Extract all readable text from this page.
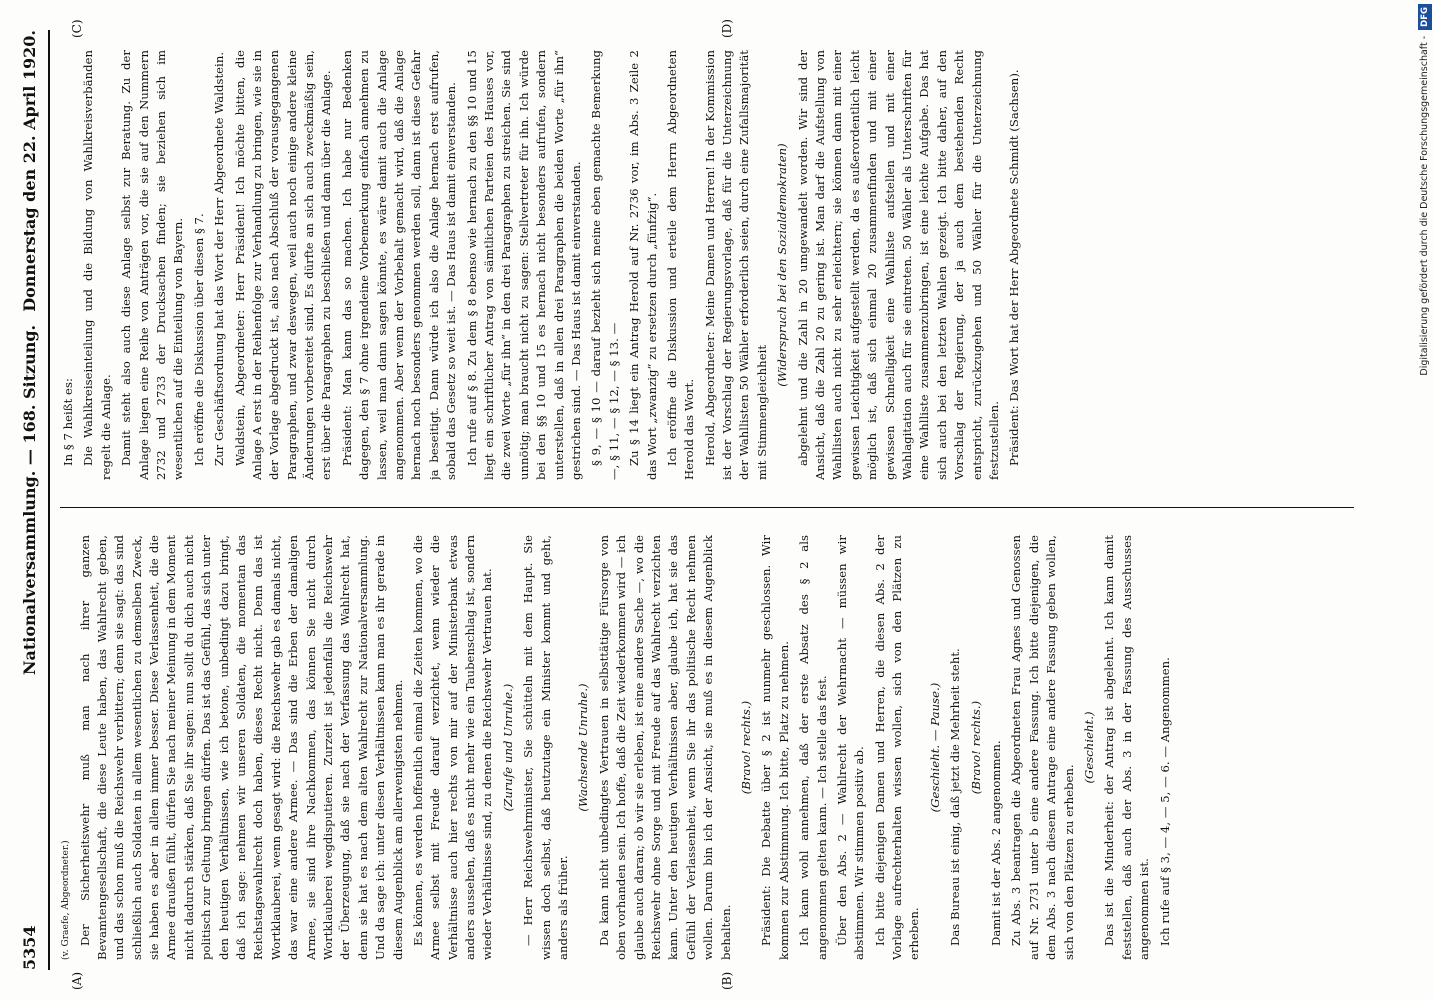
5354
Nationalversammlung. — 168. Sitzung.
Donnerstag den 22. April 1920.
(A)	(B)
(C)	(D)

(v. Graefe, Abgeordneter.) Der Sicherheitswehr muß man nach ihrer ganzen Bevamtengesellschaft, die diese Leute haben, das Wahlrecht geben, und das schon muß die Reichswehr verbittern; denn sie sagt: das sind schließlich auch Soldaten in allem wesentlichen zu demselben Zweck, sie haben es aber in allem immer besser. Diese Verlassenheit, die die Armee draußen fühlt, dürfen Sie nach meiner Meinung in dem Moment nicht dadurch stärken, daß Sie ihr sagen: nun sollt du dich auch nicht politisch zur Geltung bringen dürfen. Das ist das Gefühl, das sich unter den heutigen Verhältnissen, wie ich betone, unbedingt dazu bringt, daß ich sage: nehmen wir unseren Soldaten, die momentan das Reichstagswahlrecht doch haben, dieses Recht nicht. Denn das ist Wortklauberei, wenn gesagt wird: die Reichswehr gab es damals nicht, das war eine andere Armee. — Das sind die Erben der damaligen Armee, sie sind ihre Nachkommen, das können Sie nicht durch Wortklauberei wegdisputieren. Zurzeit ist jedenfalls die Reichswehr der Überzeugung, daß sie nach der Verfassung das Wahlrecht hat, denn sie hat es nach dem alten Wahlrecht zur Nationalversammlung. Und da sage ich: unter diesen Verhältnissen kann man es ihr gerade in diesem Augenblick am allerwenigsten nehmen. Es können, es werden hoffentlich einmal die Zeiten kommen, wo die Armee selbst mit Freude darauf verzichtet, wenn wieder die Verhältnisse auch hier rechts von mir auf der Ministerbank etwas anders aussehen, daß es nicht mehr wie ein Taubenschlag ist, sondern wieder Verhältnisse sind, zu denen die Reichswehr Vertrauen hat. (Zurufe und Unruhe.) — Herr Reichswehrminister, Sie schütteln mit dem Haupt. Sie wissen doch selbst, daß heutzutage ein Minister kommt und geht, anders als früher.

(Wachsende Unruhe.) Da kann nicht unbedingtes Vertrauen in selbsttätige Fürsorge von oben vorhanden sein. Ich hoffe, daß die Zeit wiederkommen wird — ich glaube auch daran; ob wir sie erleben, ist eine andere Sache —, wo die Reichswehr ohne Sorge und mit Freude auf das Wahlrecht verzichten kann. Unter den heutigen Verhältnissen aber, glaube ich, hat sie das Gefühl der Verlassenheit, wenn Sie ihr das politische Recht nehmen wollen. Darum bin ich der Ansicht, sie muß es in diesem Augenblick behalten.

(Bravo! rechts.) Präsident: Die Debatte über § 2 ist nunmehr geschlossen. Wir kommen zur Abstimmung. Ich bitte, Platz zu nehmen. Ich kann wohl annehmen, daß der erste Absatz des § 2 als angenommen gelten kann. — Ich stelle das fest. Über den Abs. 2 — Wahlrecht der Wehrmacht — müssen wir abstimmen. Wir stimmen positiv ab. Ich bitte diejenigen Damen und Herren, die diesen Abs. 2 der Vorlage aufrechterhalten wissen wollen, sich von den Plätzen zu erheben.

(Geschieht. — Pause.) Das Bureau ist einig, daß jetzt die Mehrheit steht. (Bravo! rechts.) Damit ist der Abs. 2 angenommen. Zu Abs. 3 beantragen die Abgeordneten Frau Agnes und Genossen auf Nr. 2731 unter b eine andere Fassung. Ich bitte diejenigen, die dem Abs. 3 nach diesem Antrage eine andere Fassung geben wollen, sich von den Plätzen zu erheben.

(Geschieht.) Das ist die Minderheit: der Antrag ist abgelehnt. Ich kann damit feststellen, daß auch der Abs. 3 in der Fassung des Ausschusses angenommen ist. Ich rufe auf § 3, — 4, — 5, — 6. — Angenommen.

In § 7 heißt es: Die Wahlkreiseinteilung und die Bildung von Wahlkreisverbänden regelt die Anlage. Damit steht also auch diese Anlage selbst zur Beratung. Zu der Anlage liegen eine Reihe von Anträgen vor, die sie auf den Nummern 2732 und 2733 der Drucksachen finden; sie beziehen sich im wesentlichen auf die Einteilung von Bayern. Ich eröffne die Diskussion über diesen § 7. Zur Geschäftsordnung hat das Wort der Herr Abgeordnete Waldstein. Waldstein, Abgeordneter: Herr Präsident! Ich möchte bitten, die Anlage A erst in der Reihenfolge zur Verhandlung zu bringen, wie sie in der Vorlage abgedruckt ist, also nach Abschluß der vorausgegangenen Paragraphen, und zwar deswegen, weil auch noch einige andere kleine Änderungen vorbereitet sind. Es dürfte an sich auch zweckmäßig sein, erst über die Paragraphen zu beschließen und dann über die Anlage. Präsident: Man kann das so machen. Ich habe nur Bedenken dagegen, den § 7 ohne irgendeine Vorbemerkung einfach annehmen zu lassen, weil man dann sagen könnte, es wäre damit auch die Anlage angenommen. Aber wenn der Vorbehalt gemacht wird, daß die Anlage hernach noch besonders genommen werden soll, dann ist diese Gefahr ja beseitigt. Dann würde ich also die Anlage hernach erst aufrufen, sobald das Gesetz so weit ist. — Das Haus ist damit einverstanden. Ich rufe auf § 8. Zu dem § 8 ebenso wie hernach zu den §§ 10 und 15 liegt ein schriftlicher Antrag von sämtlichen Parteien des Hauses vor, die zwei Worte „für ihn“ in den drei Paragraphen zu streichen. Sie sind unnötig; man braucht nicht zu sagen: Stellvertreter für ihn. Ich würde bei den §§ 10 und 15 es hernach nicht besonders aufrufen, sondern unterstellen, daß in allen drei Paragraphen die beiden Worte „für ihn“ gestrichen sind. — Das Haus ist damit einverstanden. § 9, — § 10 — darauf bezieht sich meine eben gemachte Bemerkung —, § 11, — § 12, — § 13. — Zu § 14 liegt ein Antrag Herold auf Nr. 2736 vor, im Abs. 3 Zeile 2 das Wort „zwanzig“ zu ersetzen durch „fünfzig“. Ich eröffne die Diskussion und erteile dem Herrn Abgeordneten Herold das Wort. Herold, Abgeordneter: Meine Damen und Herren! In der Kommission ist der Vorschlag der Regierungsvorlage, daß für die Unterzeichnung der Wahllisten 50 Wähler erforderlich seien, durch eine Zufallsmajorität mit Stimmengleichheit

(Widerspruch bei den Sozialdemokraten) abgelehnt und die Zahl in 20 umgewandelt worden. Wir sind der Ansicht, daß die Zahl 20 zu gering ist. Man darf die Aufstellung von Wahllisten auch nicht zu sehr erleichtern; sie können dann mit einer gewissen Leichtigkeit aufgestellt werden, da es außerordentlich leicht möglich ist, daß sich einmal 20 zusammenfinden und mit einer gewissen Schnelligkeit eine Wahlliste aufstellen und mit einer Wahlagitation auch für sie eintreten. 50 Wähler als Unterschriften für eine Wahlliste zusammenzubringen, ist eine leichte Aufgabe. Das hat sich auch bei den letzten Wahlen gezeigt. Ich bitte daher, auf den Vorschlag der Regierung, der ja auch dem bestehenden Recht entspricht, zurückzugehen und 50 Wähler für die Unterzeichnung festzustellen. Präsident: Das Wort hat der Herr Abgeordnete Schmidt (Sachsen).	Digitalisierung gefördert durch die Deutsche Forschungsgemeinschaft -DFG
